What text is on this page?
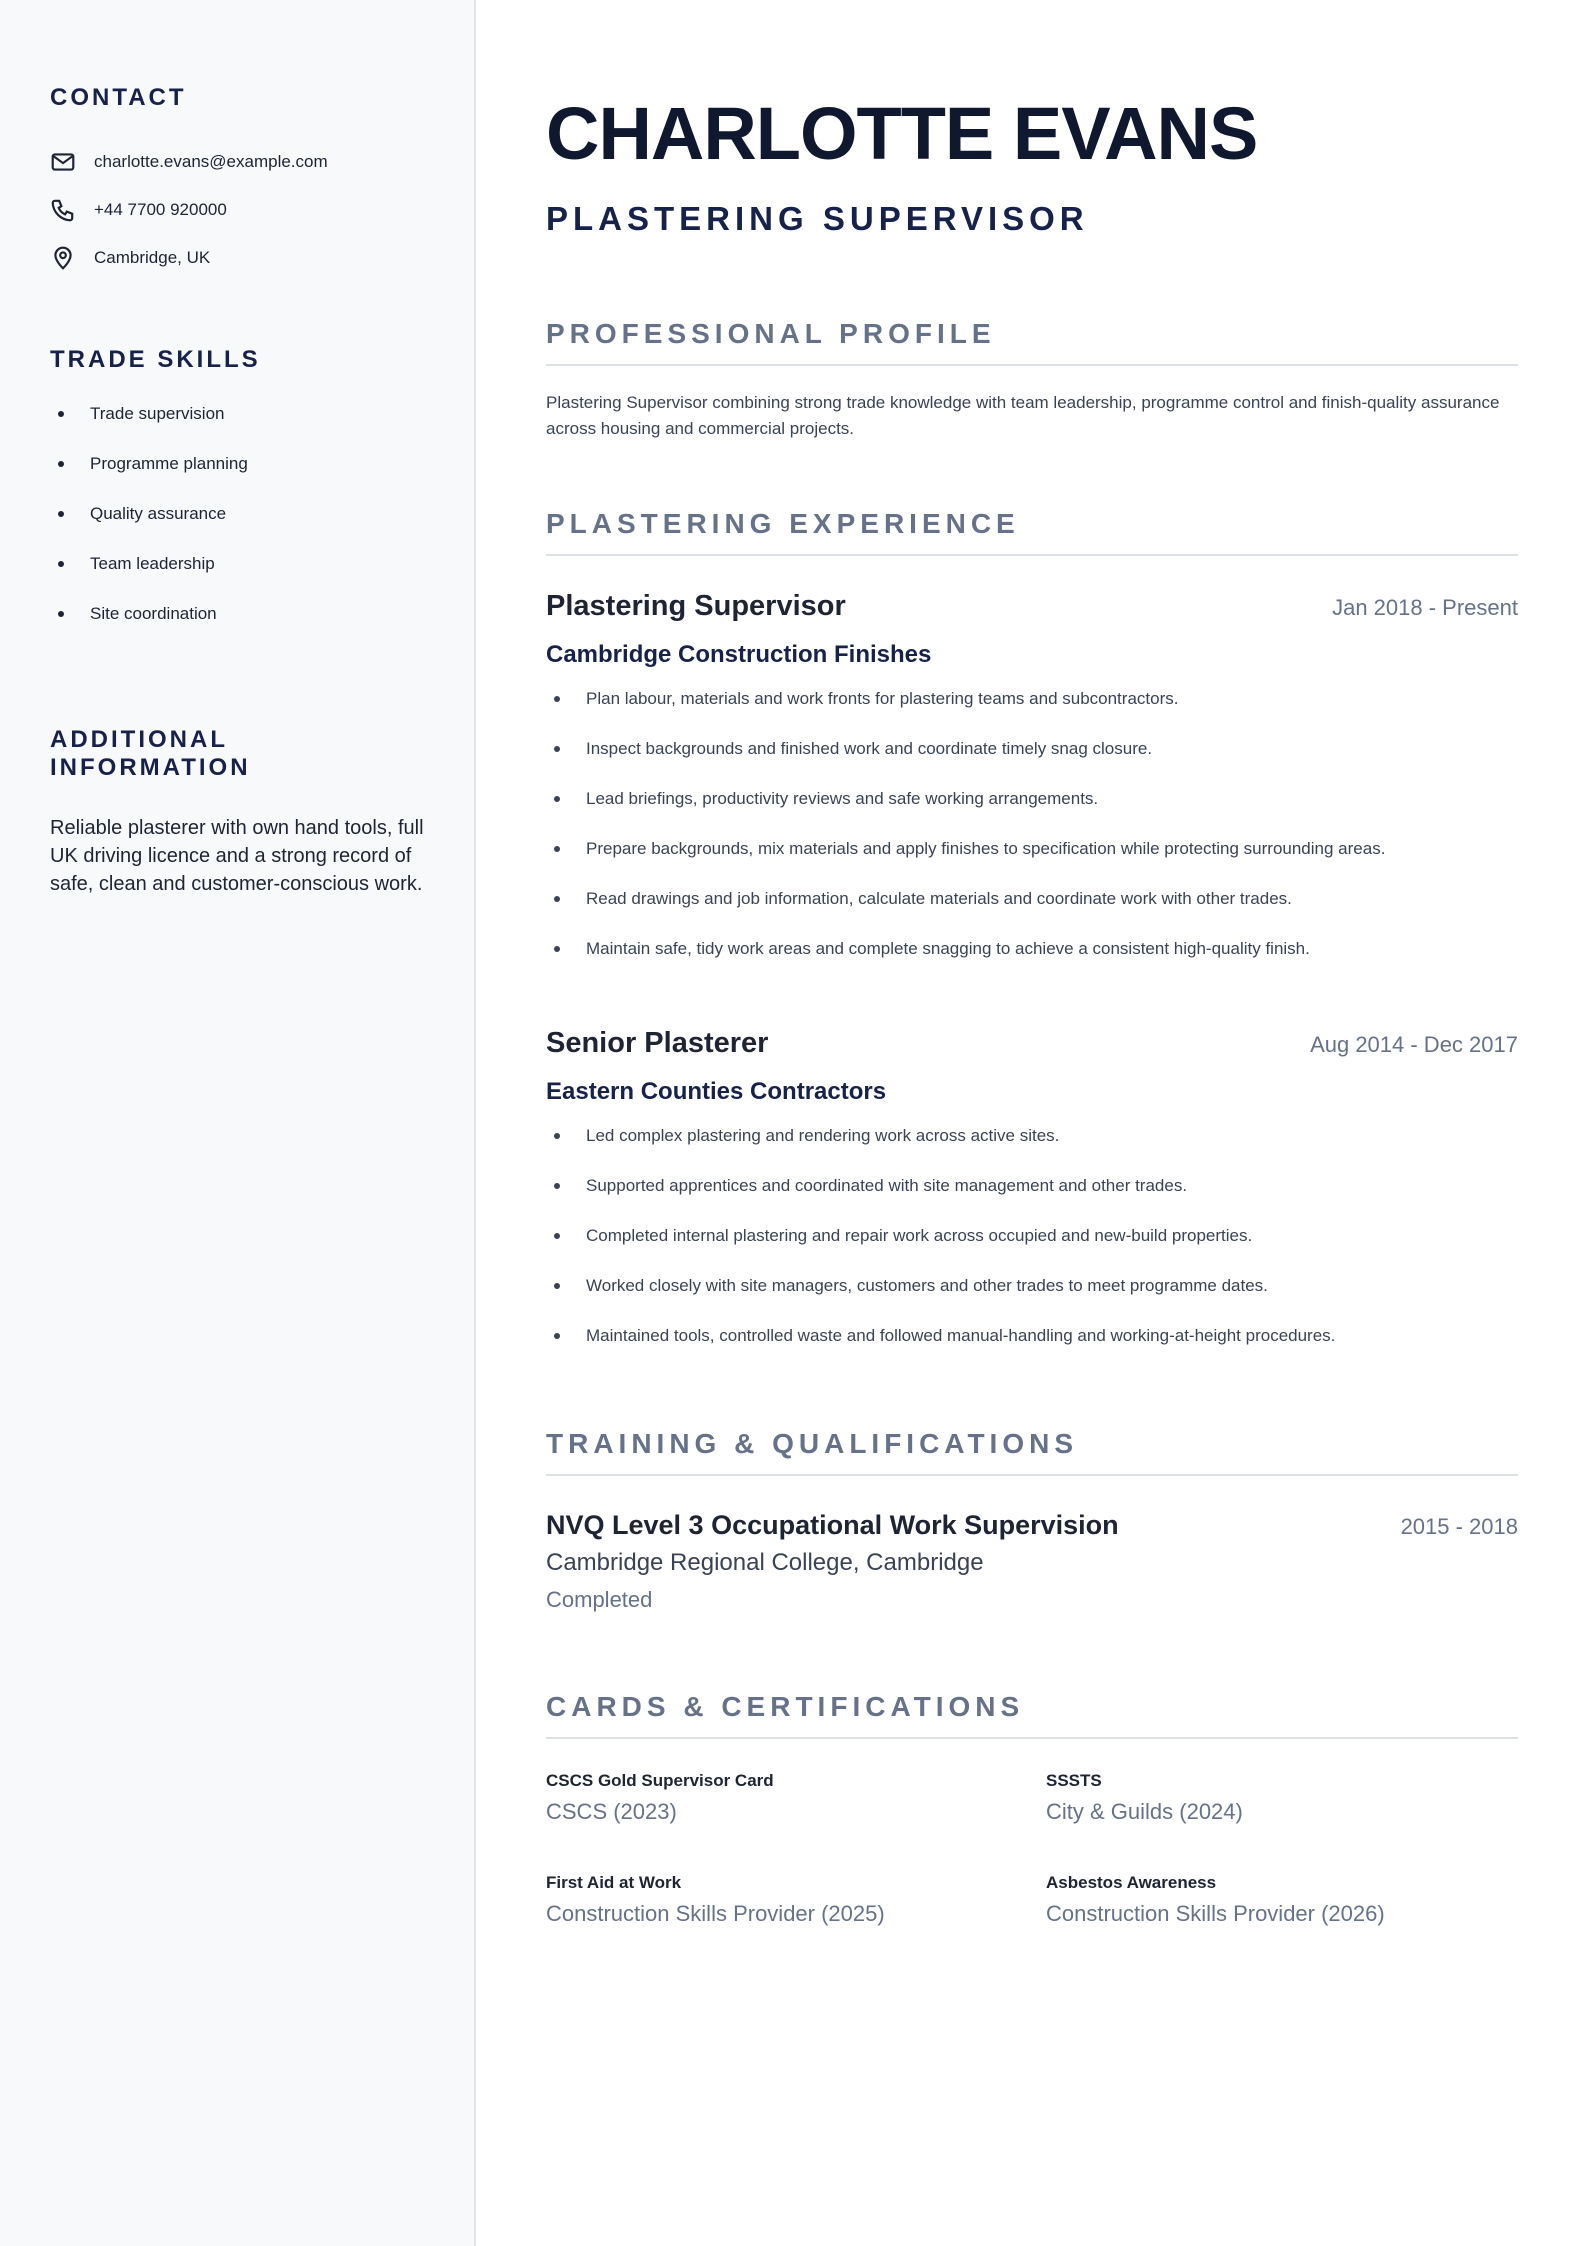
CONTACT
charlotte.evans@example.com
+44 7700 920000
Cambridge, UK
TRADE SKILLS
Trade supervision
Programme planning
Quality assurance
Team leadership
Site coordination
ADDITIONAL INFORMATION

Reliable plasterer with own hand tools, full UK driving licence and a strong record of safe, clean and customer-conscious work.

CHARLOTTE EVANS
PLASTERING SUPERVISOR
PROFESSIONAL PROFILE

Plastering Supervisor combining strong trade knowledge with team leadership, programme control and finish-quality assurance across housing and commercial projects.

PLASTERING EXPERIENCE
Plastering Supervisor	Jan 2018 - Present
Cambridge Construction Finishes
Plan labour, materials and work fronts for plastering teams and subcontractors.
Inspect backgrounds and finished work and coordinate timely snag closure.
Lead briefings, productivity reviews and safe working arrangements.
Prepare backgrounds, mix materials and apply finishes to specification while protecting surrounding areas.
Read drawings and job information, calculate materials and coordinate work with other trades.
Maintain safe, tidy work areas and complete snagging to achieve a consistent high-quality finish.
Senior Plasterer	Aug 2014 - Dec 2017
Eastern Counties Contractors
Led complex plastering and rendering work across active sites.
Supported apprentices and coordinated with site management and other trades.
Completed internal plastering and repair work across occupied and new-build properties.
Worked closely with site managers, customers and other trades to meet programme dates.
Maintained tools, controlled waste and followed manual-handling and working-at-height procedures.
TRAINING & QUALIFICATIONS
NVQ Level 3 Occupational Work Supervision	2015 - 2018
Cambridge Regional College, Cambridge
Completed
CARDS & CERTIFICATIONS
CSCS Gold Supervisor Card
CSCS (2023)
SSSTS
City & Guilds (2024)
First Aid at Work
Construction Skills Provider (2025)
Asbestos Awareness
Construction Skills Provider (2026)
